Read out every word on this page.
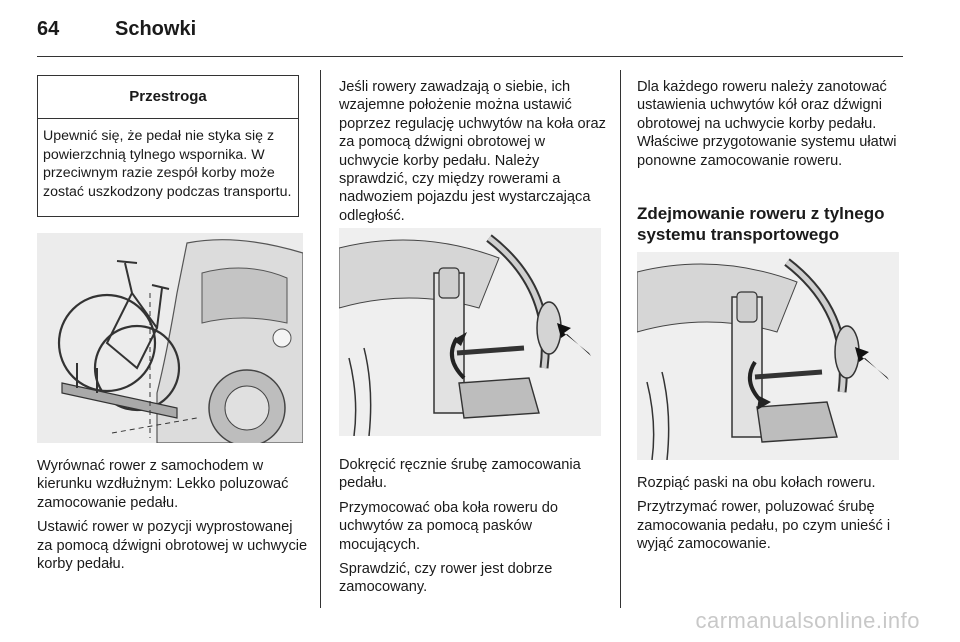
64	Schowki
Przestroga
Upewnić się, że pedał nie styka się z powierzchnią tylnego wspornika. W przeciwnym razie zespół korby może zostać uszkodzony podczas transportu.

Wyrównać rower z samochodem w kierunku wzdłużnym: Lekko poluzować zamocowanie pedału.

Ustawić rower w pozycji wyprostowanej za pomocą dźwigni obrotowej w uchwycie korby pedału.

Jeśli rowery zawadzają o siebie, ich wzajemne położenie można ustawić poprzez regulację uchwytów na koła oraz za pomocą dźwigni obrotowej w uchwycie korby pedału. Należy sprawdzić, czy między rowerami a nadwoziem pojazdu jest wystarczająca odległość.

Dokręcić ręcznie śrubę zamocowania pedału.

Przymocować oba koła roweru do uchwytów za pomocą pasków mocujących.

Sprawdzić, czy rower jest dobrze zamocowany.

Dla każdego roweru należy zanotować ustawienia uchwytów kół oraz dźwigni obrotowej na uchwycie korby pedału. Właściwe przygotowanie systemu ułatwi ponowne zamocowanie roweru.

Zdejmowanie roweru z tylnego systemu transportowego

Rozpiąć paski na obu kołach roweru.

Przytrzymać rower, poluzować śrubę zamocowania pedału, po czym unieść i wyjąć zamocowanie.

carmanualsonline.info
